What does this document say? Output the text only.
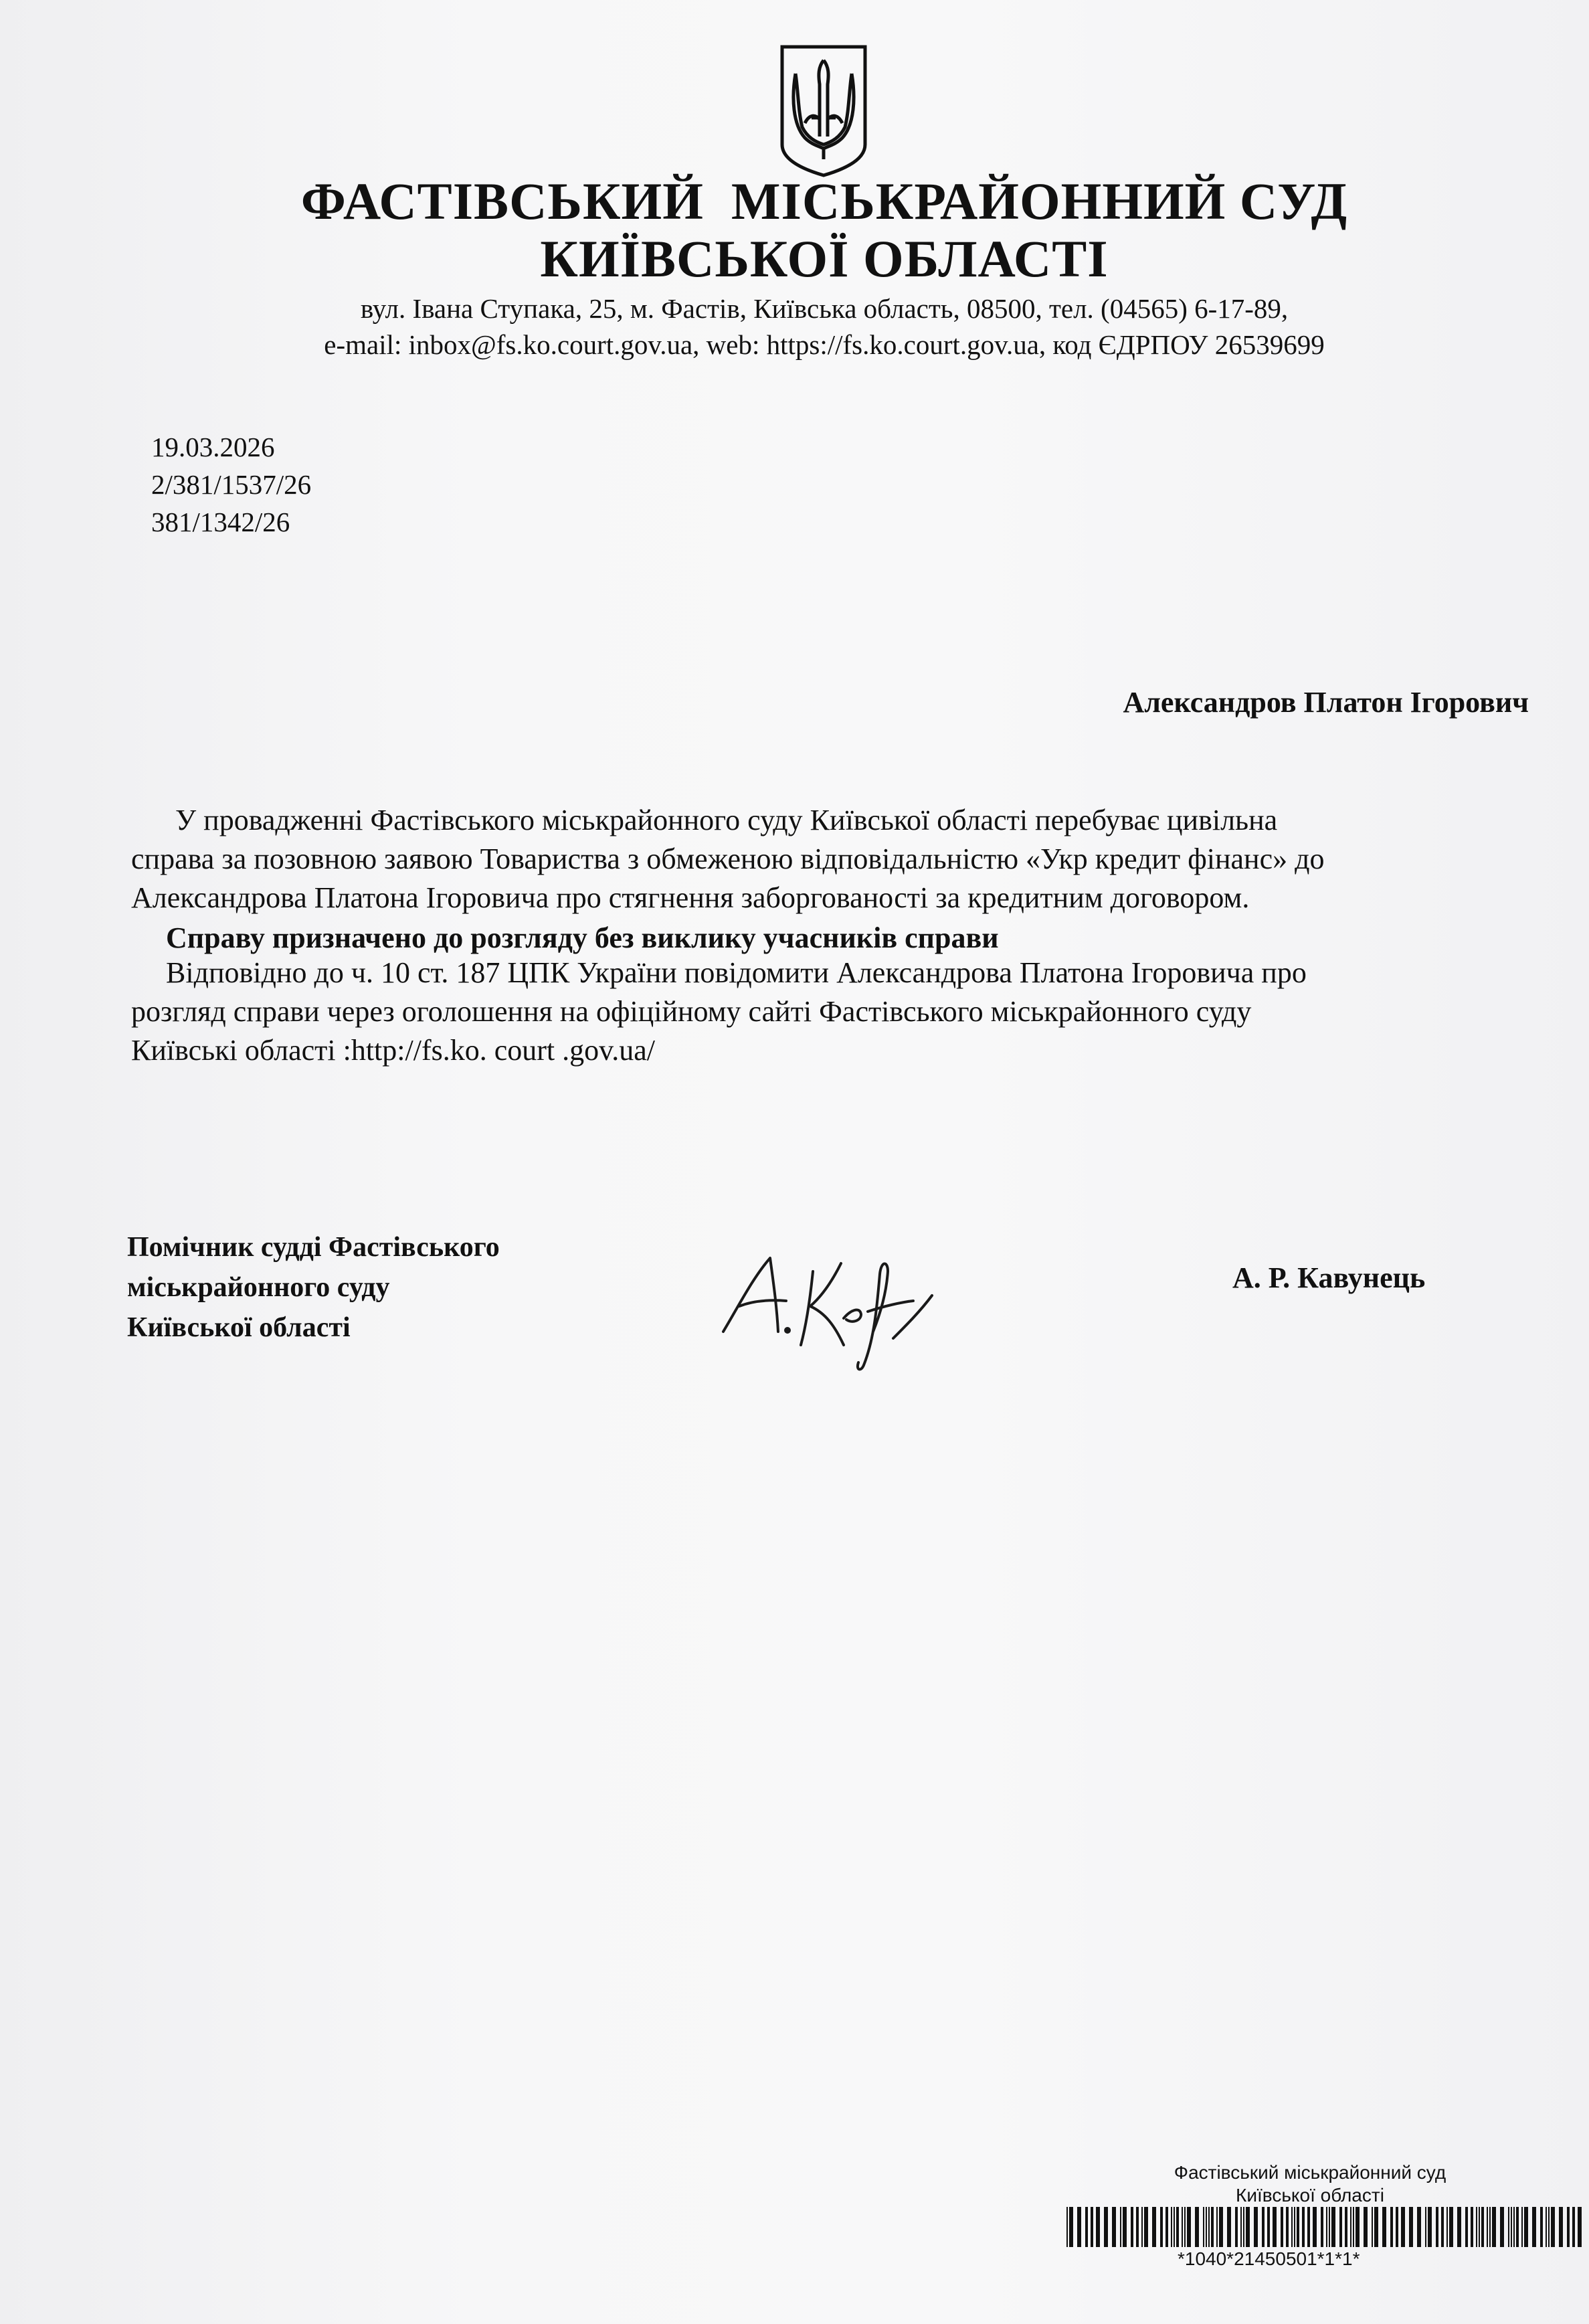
ФАСТІВСЬКИЙ  МІСЬКРАЙОННИЙ СУД
КИЇВСЬКОЇ ОБЛАСТІ
вул. Івана Ступака, 25, м. Фастів, Київська область, 08500, тел. (04565) 6-17-89,
e-mail: inbox@fs.ko.court.gov.ua, web: https://fs.ko.court.gov.ua, код ЄДРПОУ 26539699
19.03.2026
2/381/1537/26
381/1342/26
Александров Платон Ігорович
У провадженні Фастівського міськрайонного суду Київської області перебуває цивільна
справа за позовною заявою Товариства з обмеженою відповідальністю «Укр кредит фінанс» до
Александрова Платона Ігоровича про стягнення заборгованості за кредитним договором.
Справу призначено до розгляду без виклику учасників справи
Відповідно до ч. 10 ст. 187 ЦПК України повідомити Александрова Платона Ігоровича про
розгляд справи через оголошення на офіційному сайті Фастівського міськрайонного суду
Київські області :http://fs.ko. court .gov.ua/
Помічник судді Фастівського
міськрайонного суду
Київської області
А. Р. Кавунець
Фастівський міськрайонний суд
Київської області
*1040*21450501*1*1*
